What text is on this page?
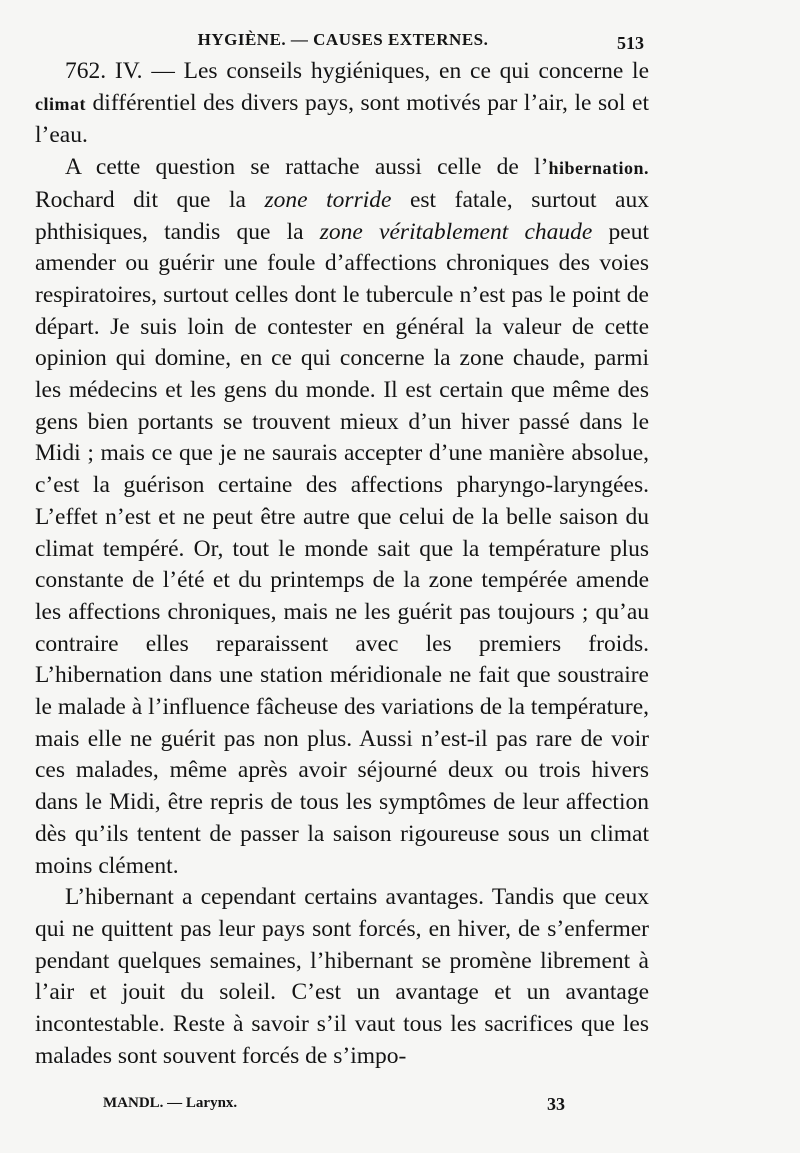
HYGIÈNE. — CAUSES EXTERNES.	513

762. IV. — Les conseils hygiéniques, en ce qui concerne le climat différentiel des divers pays, sont motivés par l’air, le sol et l’eau.

A cette question se rattache aussi celle de l’hibernation. Rochard dit que la zone torride est fatale, surtout aux phthisiques, tandis que la zone véritablement chaude peut amender ou guérir une foule d’affections chroniques des voies respiratoires, surtout celles dont le tubercule n’est pas le point de départ. Je suis loin de contester en général la valeur de cette opinion qui domine, en ce qui concerne la zone chaude, parmi les médecins et les gens du monde. Il est certain que même des gens bien portants se trouvent mieux d’un hiver passé dans le Midi ; mais ce que je ne saurais accepter d’une manière absolue, c’est la guérison certaine des affections pharyngo-laryngées. L’effet n’est et ne peut être autre que celui de la belle saison du climat tempéré. Or, tout le monde sait que la température plus constante de l’été et du printemps de la zone tempérée amende les affections chroniques, mais ne les guérit pas toujours ; qu’au contraire elles reparaissent avec les premiers froids. L’hibernation dans une station méridionale ne fait que soustraire le malade à l’influence fâcheuse des variations de la température, mais elle ne guérit pas non plus. Aussi n’est-il pas rare de voir ces malades, même après avoir séjourné deux ou trois hivers dans le Midi, être repris de tous les symptômes de leur affection dès qu’ils tentent de passer la saison rigoureuse sous un climat moins clément.

L’hibernant a cependant certains avantages. Tandis que ceux qui ne quittent pas leur pays sont forcés, en hiver, de s’enfermer pendant quelques semaines, l’hibernant se promène librement à l’air et jouit du soleil. C’est un avantage et un avantage incontestable. Reste à savoir s’il vaut tous les sacrifices que les malades sont souvent forcés de s’impo-

MANDL. — Larynx.	33
